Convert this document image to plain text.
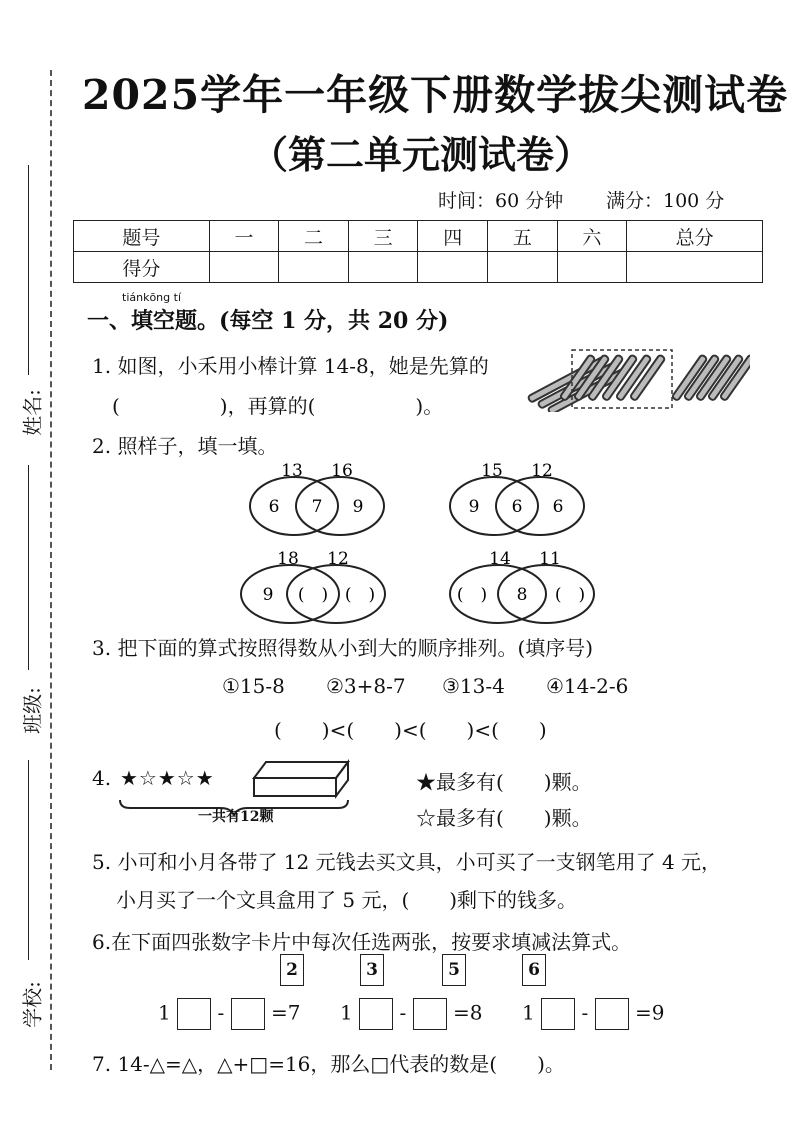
姓名:
班级:
学校:
2025学年一年级下册数学拔尖测试卷
（第二单元测试卷）
时间：60 分钟 满分：100 分
题号	一	二	三	四	五	六	总分
得分							
tiánkōng tí
一、填空题。(每空 1 分，共 20 分)
1. 如图，小禾用小棒计算 14-8，她是先算的
(　　　　　)，再算的(　　　　　)。
2. 照样子，填一填。
13 16
6 7 9
15 12
9 6 6
18 12
9 (　) (　)
14 11
(　) 8 (　)
3. 把下面的算式按照得数从小到大的顺序排列。(填序号)
①15-8 ②3+8-7 ③13-4 ④14-2-6
(　　)<(　　)<(　　)<(　　)
4. ★☆★☆★
一共有12颗
★最多有(　　)颗。
☆最多有(　　)颗。
5. 小可和小月各带了 12 元钱去买文具，小可买了一支钢笔用了 4 元，
小月买了一个文具盒用了 5 元，(　　)剩下的钱多。
6.在下面四张数字卡片中每次任选两张，按要求填减法算式。
2	3	5	6
1 - =7 1 - =8 1 - =9
7. 14-△=△，△+□=16，那么□代表的数是(　　)。
